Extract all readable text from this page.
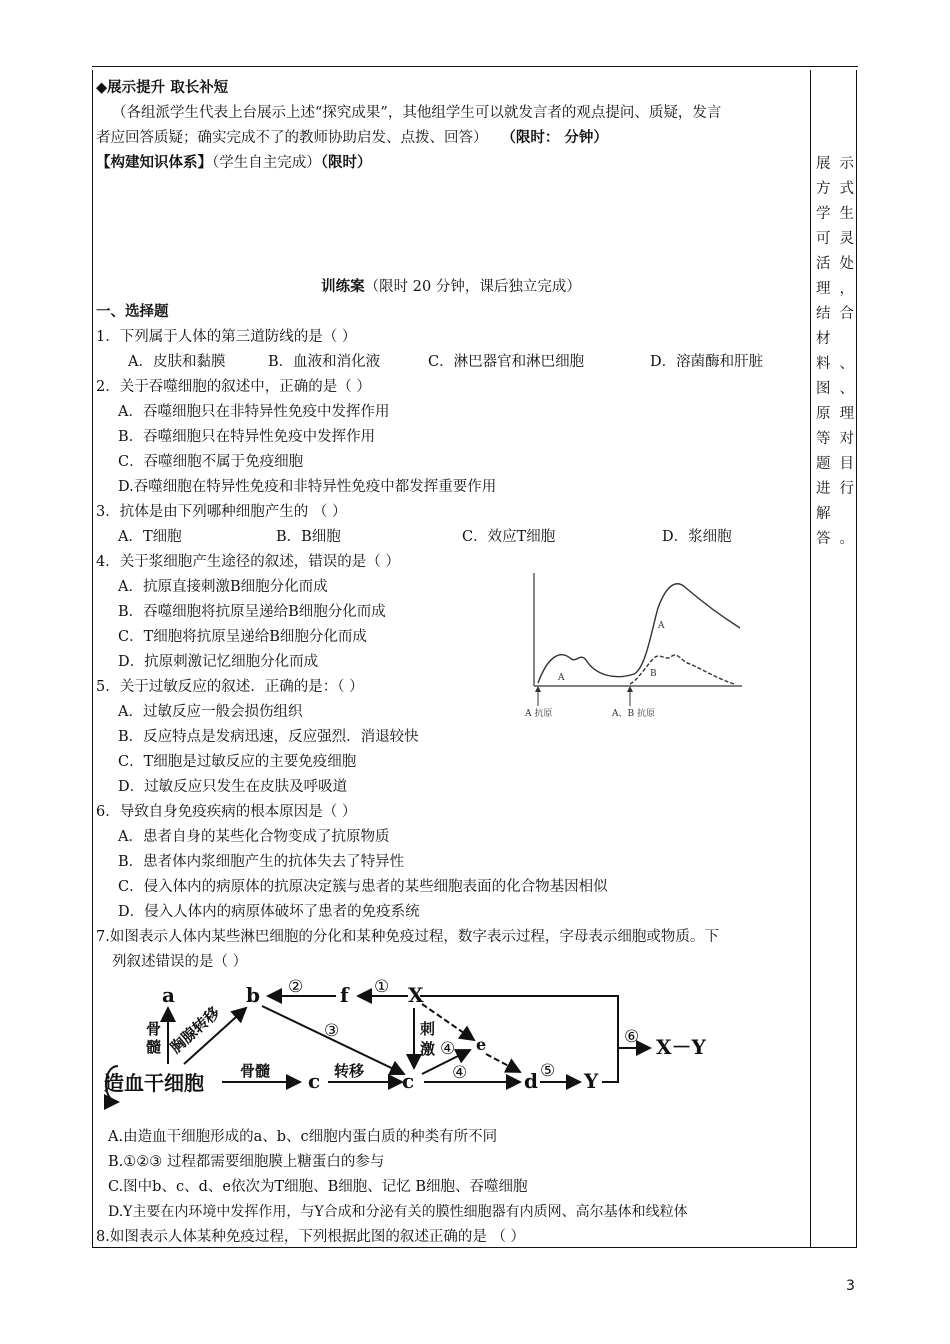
◆展示提升 取长补短
（各组派学生代表上台展示上述“探究成果”，其他组学生可以就发言者的观点提问、质疑，发言
者应回答质疑；确实完成不了的教师协助启发、点拨、回答） （限时： 分钟）
【构建知识体系】（学生自主完成）（限时）
训练案（限时 20 分钟，课后独立完成）
一、选择题
1．下列属于人体的第三道防线的是（ ）
A．皮肤和黏膜	B．血液和消化液	C．淋巴器官和淋巴细胞	D．溶菌酶和肝脏
2．关于吞噬细胞的叙述中，正确的是（ ）
A．吞噬细胞只在非特异性免疫中发挥作用
B．吞噬细胞只在特异性免疫中发挥作用
C．吞噬细胞不属于免疫细胞
D.吞噬细胞在特异性免疫和非特异性免疫中都发挥重要作用
3．抗体是由下列哪种细胞产生的 （ ）
A．T细胞	B．B细胞	C．效应T细胞	D．浆细胞
4．关于浆细胞产生途径的叙述，错误的是（ ）
A．抗原直接刺激B细胞分化而成
B．吞噬细胞将抗原呈递给B细胞分化而成
C．T细胞将抗原呈递给B细胞分化而成
D．抗原刺激记忆细胞分化而成
5．关于过敏反应的叙述．正确的是：（ ）
A．过敏反应一般会损伤组织
B．反应特点是发病迅速，反应强烈．消退较快
C．T细胞是过敏反应的主要免疫细胞
D．过敏反应只发生在皮肤及呼吸道
6．导致自身免疫疾病的根本原因是（ ）
A．患者自身的某些化合物变成了抗原物质
B．患者体内浆细胞产生的抗体失去了特异性
C．侵入体内的病原体的抗原决定簇与患者的某些细胞表面的化合物基因相似
D．侵入人体内的病原体破坏了患者的免疫系统
7.如图表示人体内某些淋巴细胞的分化和某种免疫过程，数字表示过程，字母表示细胞或物质。下
列叙述错误的是（ ）
A.由造血干细胞形成的a、b、c细胞内蛋白质的种类有所不同
B.①②③ 过程都需要细胞膜上糖蛋白的参与
C.图中b、c、d、e依次为T细胞、B细胞、记忆 B细胞、吞噬细胞
D.Y主要在内环境中发挥作用，与Y合成和分泌有关的膜性细胞器有内质网、高尔基体和线粒体
8.如图表示人体某种免疫过程，下列根据此图的叙述正确的是 （ ）
A
A
B
A 抗原	A、B 抗原
a	b	f	X
e
c	c	d Y
X－Y
造血干细胞
骨
髓 胸腺转移
骨髓	转移
刺
激
①
②
③
④
④	⑤
⑥
展示
方式
学生
可灵
活处
理，
结合
材
料、
图、
原理
等对
题目
进行
解
答。
3
